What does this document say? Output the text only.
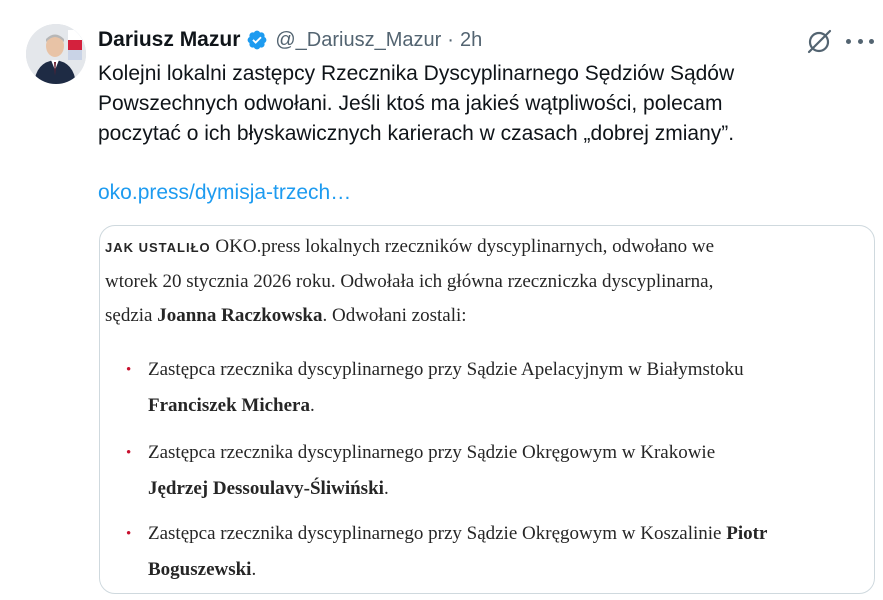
Dariusz Mazur @_Dariusz_Mazur · 2h
Kolejni lokalni zastępcy Rzecznika Dyscyplinarnego Sędziów Sądów
Powszechnych odwołani. Jeśli ktoś ma jakieś wątpliwości, polecam
poczytać o ich błyskawicznych karierach w czasach „dobrej zmiany”.
oko.press/dymisja-trzech…
JAK USTALIŁO OKO.press lokalnych rzeczników dyscyplinarnych, odwołano we
wtorek 20 stycznia 2026 roku. Odwołała ich główna rzeczniczka dyscyplinarna,
sędzia Joanna Raczkowska. Odwołani zostali:
• Zastępca rzecznika dyscyplinarnego przy Sądzie Apelacyjnym w Białymstoku
Franciszek Michera.
• Zastępca rzecznika dyscyplinarnego przy Sądzie Okręgowym w Krakowie
Jędrzej Dessoulavy-Śliwiński.
• Zastępca rzecznika dyscyplinarnego przy Sądzie Okręgowym w Koszalinie Piotr
Boguszewski.
